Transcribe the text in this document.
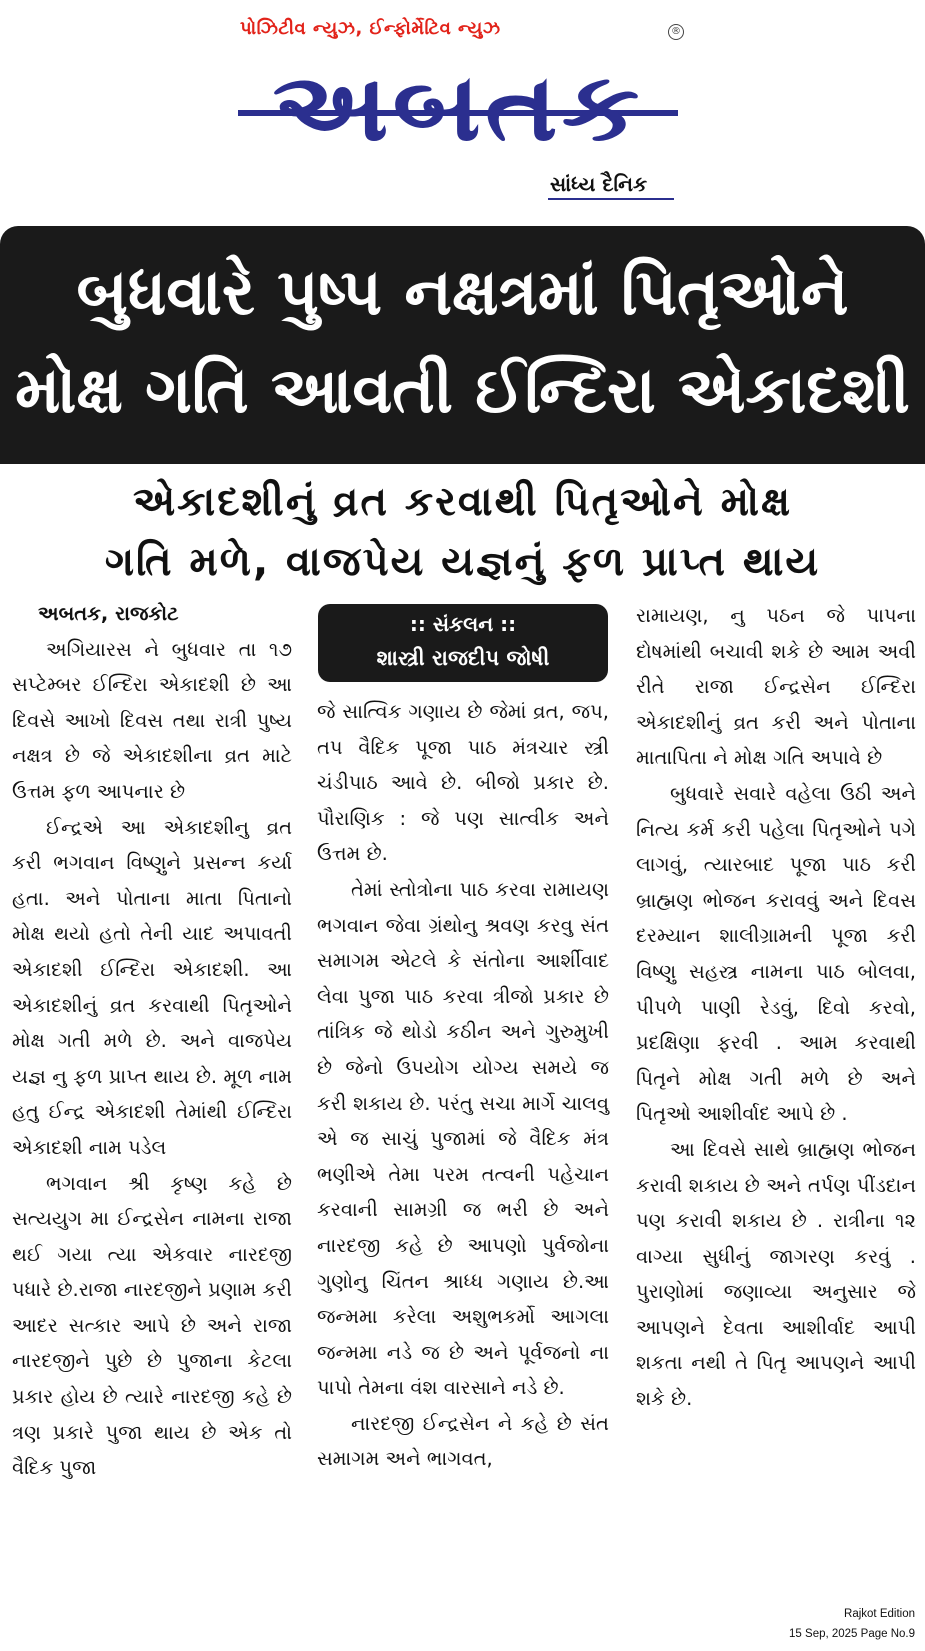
પોઝિટીવ ન્યુઝ, ઈન્ફોર્મેટિવ ન્યુઝ	®
અબતક
સાંધ્ય દૈનિક
બુધવારે પુષ્પ નક્ષત્રમાં પિતૃઓને
મોક્ષ ગતિ આવતી ઈન્દિરા એકાદશી
એકાદશીનું વ્રત કરવાથી પિતૃઓને મોક્ષ
ગતિ મળે, વાજપેય યજ્ઞનું ફળ પ્રાપ્ત થાય

અબતક, રાજકોટ

અગિયારસ ને બુધવાર તા ૧૭ સપ્ટેમ્બર ઈન્દિરા એકાદશી છે આ દિવસે આખો દિવસ તથા રાત્રી પુષ્ય નક્ષત્ર છે જે એકાદશીના વ્રત માટે ઉત્તમ ફળ આપનાર છે

ઈન્દ્રએ આ એકાદશીનુ વ્રત કરી ભગવાન વિષ્ણુને પ્રસન્ન કર્યા હતા. અને પોતાના માતા પિતાનો મોક્ષ થયો હતો તેની યાદ અપાવતી એકાદશી ઈન્દિરા એકાદશી. આ એકાદશીનું વ્રત કરવાથી પિતૃઓને મોક્ષ ગતી મળે છે. અને વાજપેય યજ્ઞ નુ ફળ પ્રાપ્ત થાય છે. મૂળ નામ હતુ ઈન્દ્ર એકાદશી તેમાંથી ઈન્દિરા એકાદશી નામ પડેલ

ભગવાન શ્રી કૃષ્ણ કહે છે સત્યયુગ મા ઈન્દ્રસેન નામના રાજા થઈ ગયા ત્યા એકવાર નારદજી પધારે છે.રાજા નારદજીને પ્રણામ કરી આદર સત્કાર આપે છે અને રાજા નારદજીને પુછે છે પુજાના કેટલા પ્રકાર હોય છે ત્યારે નારદજી કહે છે ત્રણ પ્રકારે પુજા થાય છે એક તો વૈદિક પુજા

:: સંકલન ::
શાસ્ત્રી રાજદીપ જોષી

જે સાત્વિક ગણાય છે જેમાં વ્રત, જપ, તપ વૈદિક પૂજા પાઠ મંત્રચાર સ્ત્રી ચંડીપાઠ આવે છે. બીજો પ્રકાર છે. પૌરાણિક : જે પણ સાત્વીક અને ઉત્તમ છે.

તેમાં સ્તોત્રોના પાઠ કરવા રામાયણ ભગવાન જેવા ગ્રંથોનુ શ્રવણ કરવુ સંત સમાગમ એટલે કે સંતોના આર્શીવાદ લેવા પુજા પાઠ કરવા ત્રીજો પ્રકાર છે તાંત્રિક જે થોડો કઠીન અને ગુરુમુખી છે જેનો ઉપયોગ યોગ્ય સમયે જ કરી શકાય છે. પરંતુ સચા માર્ગે ચાલવુ એ જ સાચું પુજામાં જે વૈદિક મંત્ર ભણીએ તેમા પરમ તત્વની પહેચાન કરવાની સામગ્રી જ ભરી છે અને નારદજી કહે છે આપણો પુર્વજોના ગુણોનુ ચિંતન શ્રાધ્ધ ગણાય છે.આ જન્મમા કરેલા અશુભકર્મો આગલા જન્મમા નડે જ છે અને પૂર્વજનો ના પાપો તેમના વંશ વારસાને નડે છે.

નારદજી ઈન્દ્રસેન ને કહે છે સંત સમાગમ અને ભાગવત,

રામાયણ, નુ પઠન જે પાપના દોષમાંથી બચાવી શકે છે આમ અવી રીતે રાજા ઈન્દ્રસેન ઈન્દિરા એકાદશીનું વ્રત કરી અને પોતાના માતાપિતા ને મોક્ષ ગતિ અપાવે છે

બુધવારે સવારે વહેલા ઉઠી અને નિત્ય કર્મ કરી પહેલા પિતૃઓને પગે લાગવું, ત્યારબાદ પૂજા પાઠ કરી બ્રાહ્મણ ભોજન કરાવવું અને દિવસ દરમ્યાન શાલીગ્રામની પૂજા કરી વિષ્ણુ સહસ્ત્ર નામના પાઠ બોલવા, પીપળે પાણી રેડવું, દિવો કરવો, પ્રદક્ષિણા ફરવી . આમ કરવાથી પિતૃને મોક્ષ ગતી મળે છે અને પિતૃઓ આશીર્વાદ આપે છે .

આ દિવસે સાથે બ્રાહ્મણ ભોજન કરાવી શકાય છે અને તર્પણ પીંડદાન પણ કરાવી શકાય છે . રાત્રીના ૧૨ વાગ્યા સુધીનું જાગરણ કરવું . પુરાણોમાં જણાવ્યા અનુસાર જે આપણને દેવતા આશીર્વાદ આપી શકતા નથી તે પિતૃ આપણને આપી શકે છે.

Rajkot Edition
15 Sep, 2025 Page No.9
